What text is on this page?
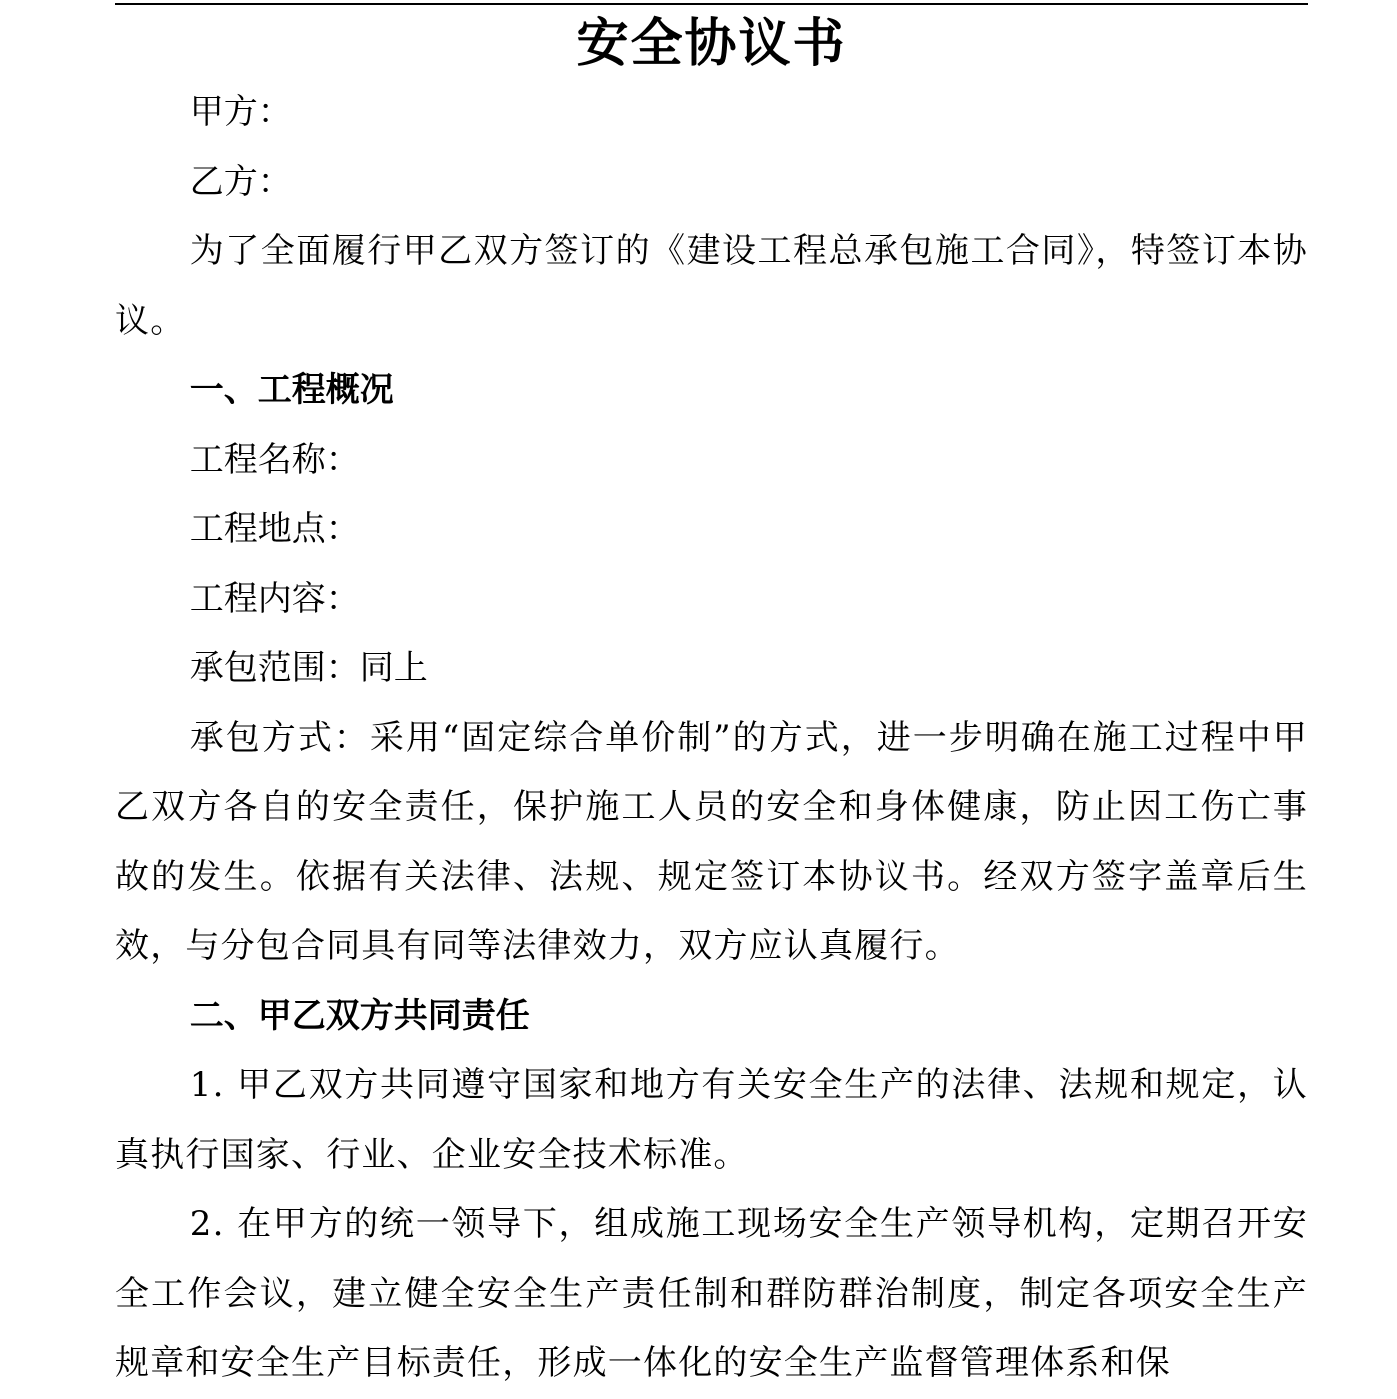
安全协议书

甲方：

乙方：

为了全面履行甲乙双方签订的《建设工程总承包施工合同》，特签订本协议。

一、工程概况

工程名称：

工程地点：

工程内容：

承包范围：同上

承包方式：采用“固定综合单价制”的方式，进一步明确在施工过程中甲乙双方各自的安全责任，保护施工人员的安全和身体健康，防止因工伤亡事故的发生。依据有关法律、法规、规定签订本协议书。经双方签字盖章后生效，与分包合同具有同等法律效力，双方应认真履行。

二、甲乙双方共同责任

1. 甲乙双方共同遵守国家和地方有关安全生产的法律、法规和规定，认真执行国家、行业、企业安全技术标准。

2. 在甲方的统一领导下，组成施工现场安全生产领导机构，定期召开安全工作会议，建立健全安全生产责任制和群防群治制度，制定各项安全生产规章和安全生产目标责任，形成一体化的安全生产监督管理体系和保
